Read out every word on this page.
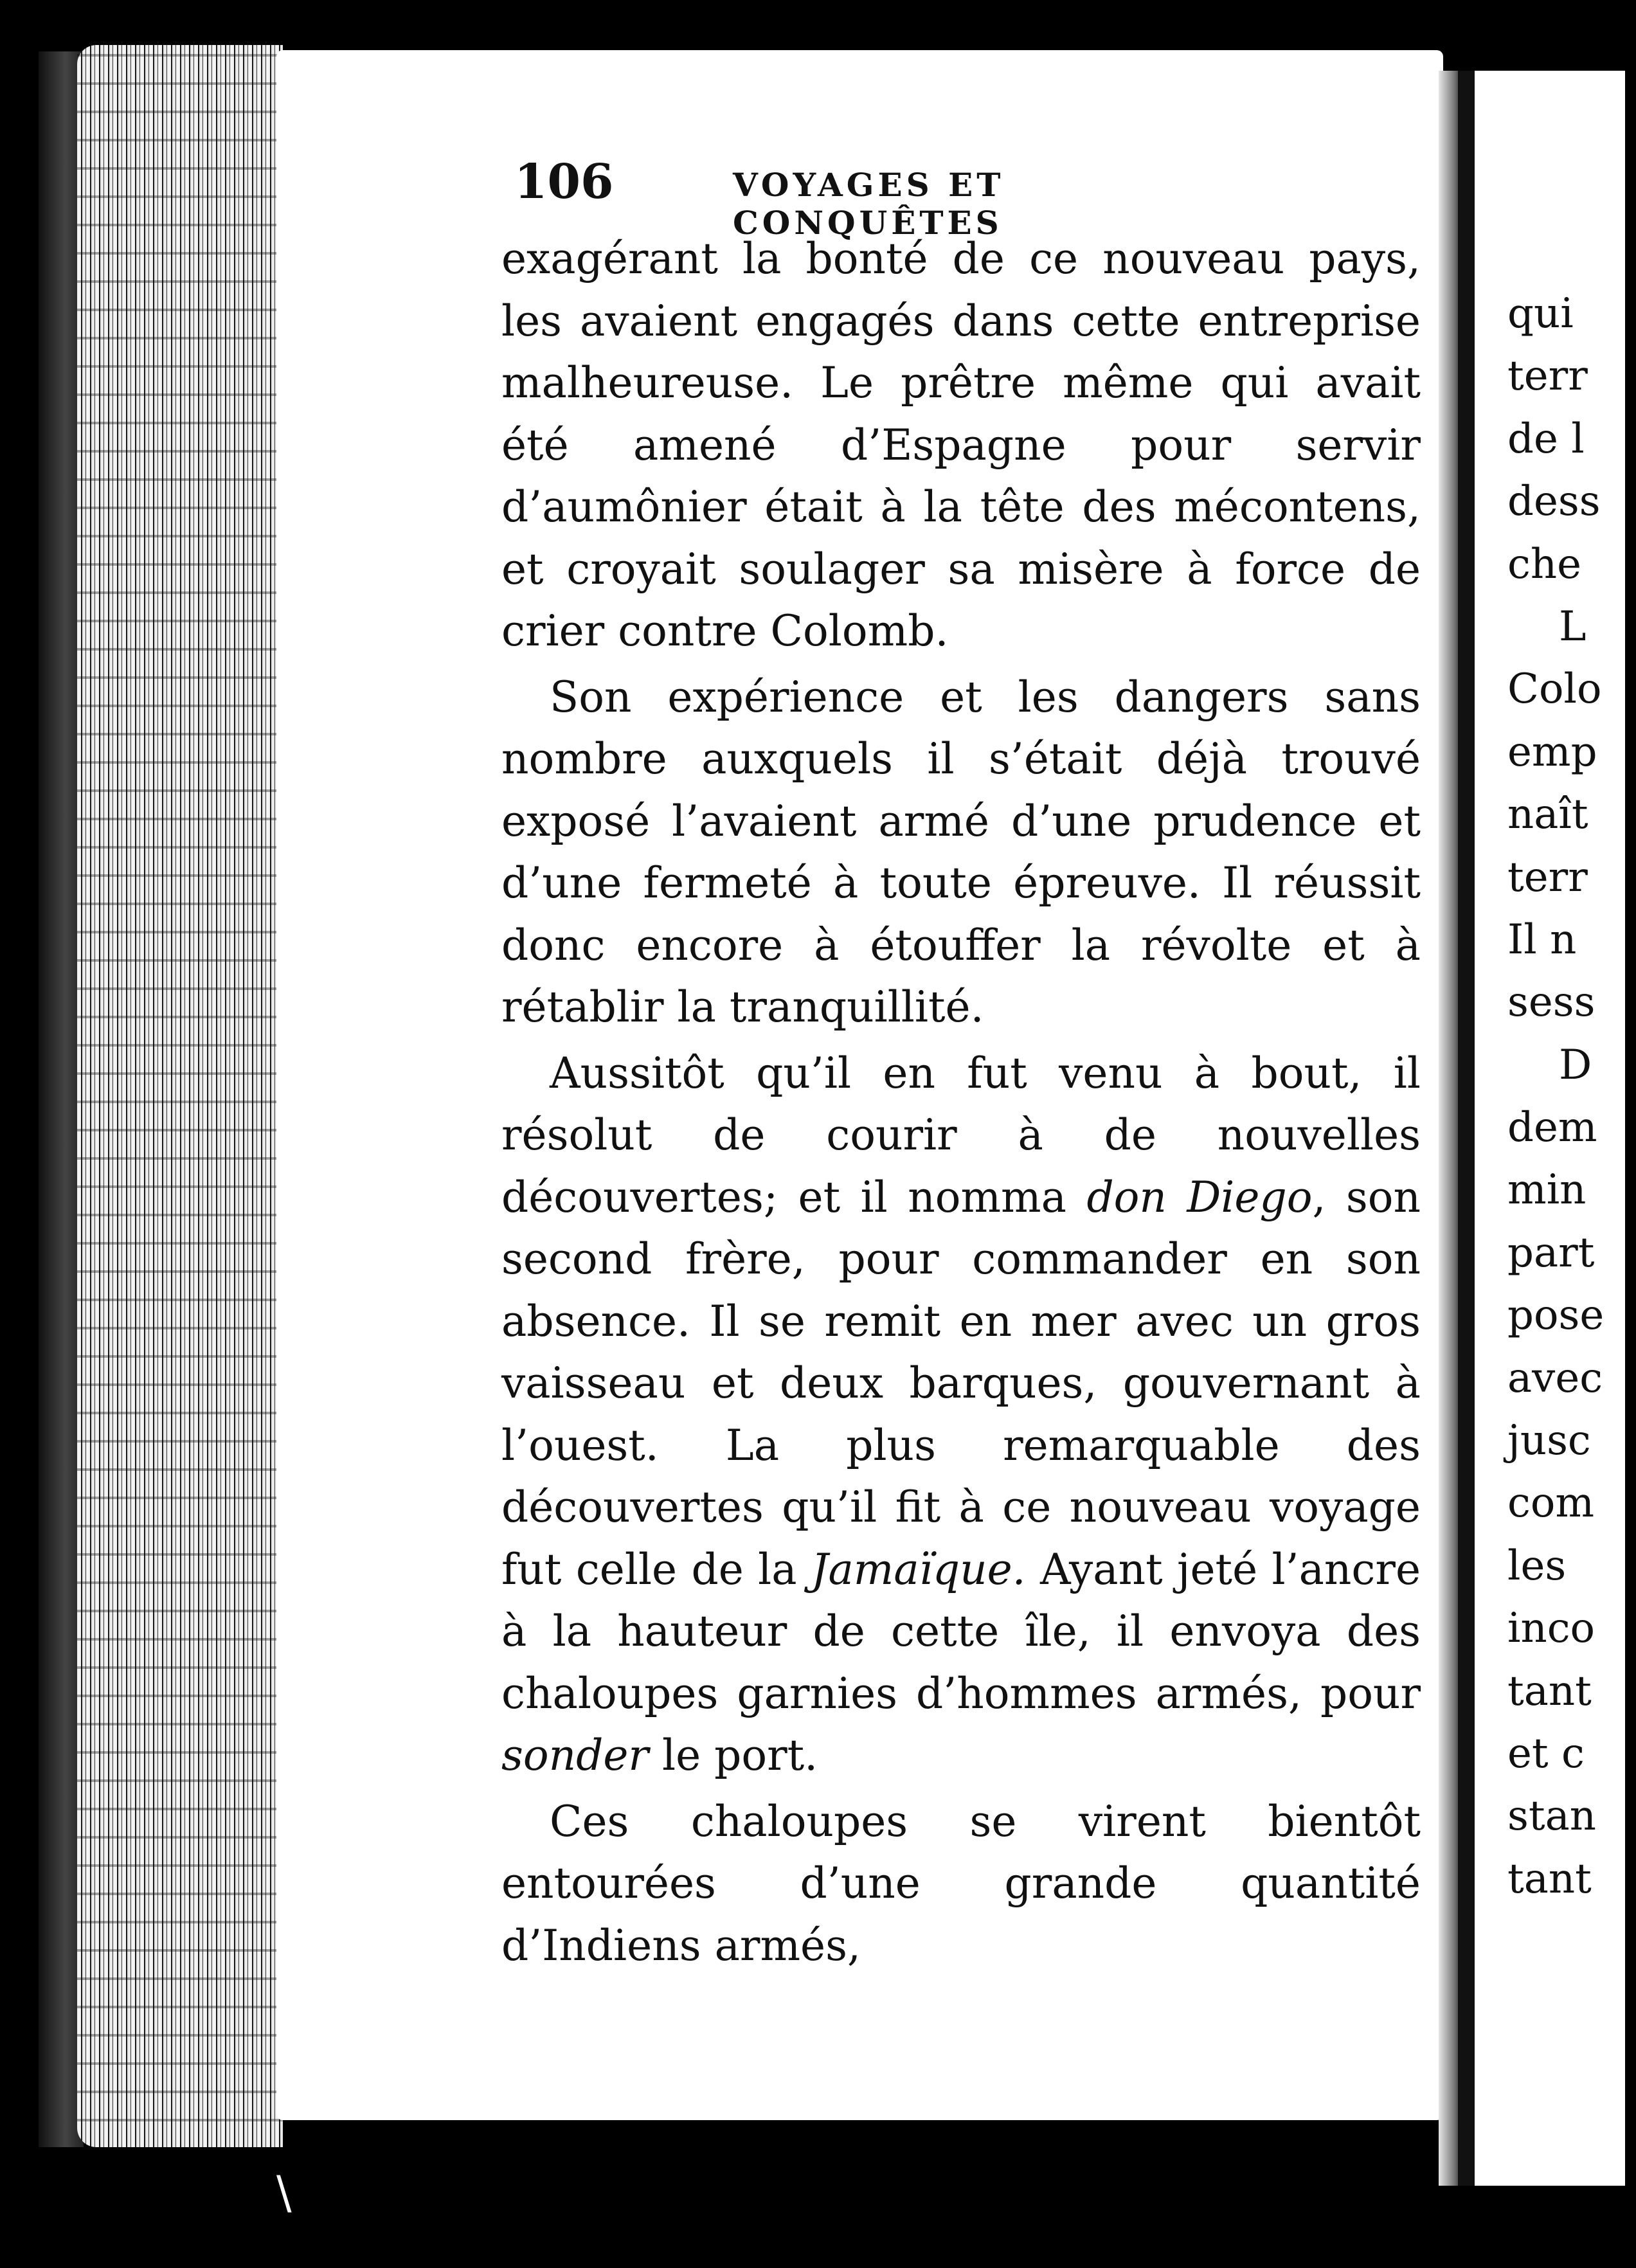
106	VOYAGES ET CONQUÊTES

exagérant la bonté de ce nouveau pays, les avaient engagés dans cette entreprise malheureuse. Le prêtre même qui avait été amené d’Espagne pour servir d’aumônier était à la tête des mécontens, et croyait soulager sa misère à force de crier contre Colomb.

Son expérience et les dangers sans nombre auxquels il s’était déjà trouvé exposé l’avaient armé d’une prudence et d’une fermeté à toute épreuve. Il réussit donc encore à étouffer la révolte et à rétablir la tranquillité.

Aussitôt qu’il en fut venu à bout, il résolut de courir à de nouvelles découvertes; et il nomma don Diego, son second frère, pour commander en son absence. Il se remit en mer avec un gros vaisseau et deux barques, gouvernant à l’ouest. La plus remarquable des découvertes qu’il fit à ce nouveau voyage fut celle de la Jamaïque. Ayant jeté l’ancre à la hauteur de cette île, il envoya des chaloupes garnies d’hommes armés, pour sonder le port.

Ces chaloupes se virent bientôt entourées d’une grande quantité d’Indiens armés,

qui
terr
de l
dess
che
L
Colo
emp
naît
terr
Il n
sess
D
dem
min
part
pose
avec
jusc
com
les
inco
tant
et c
stan
tant
\
